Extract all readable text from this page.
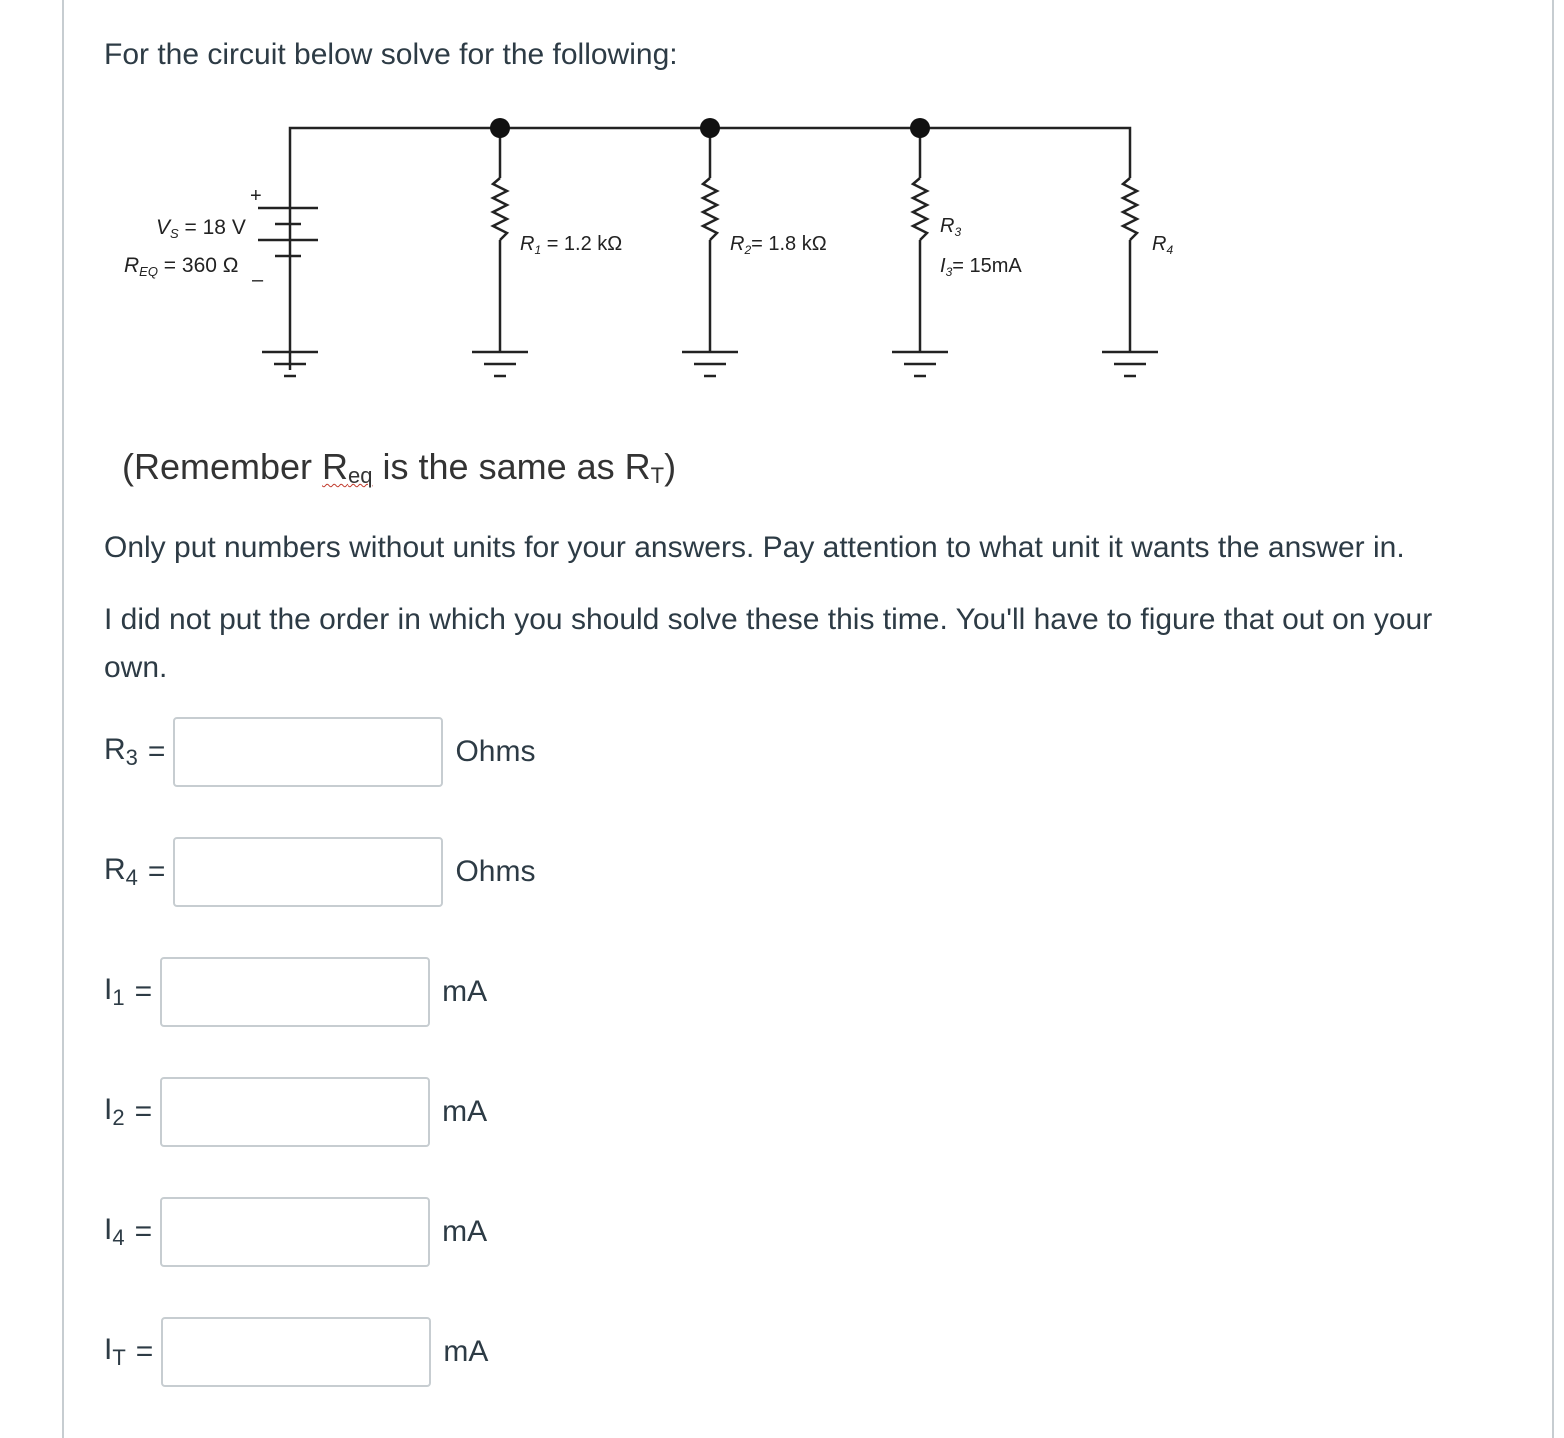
For the circuit below solve for the following:

+
–
VS = 18 V
REQ = 360 Ω
$R_1 = 1.2$ kΩ	$R_2= 1.8$ kΩ
$R_3$
$I_3= 15mA$
$R_4$

(Remember $R_{eq}$ is the same as $R_T$)

Only put numbers without units for your answers. Pay attention to what unit it wants the answer in.

I did not put the order in which you should solve these this time. You'll have to figure that out on your own.

$R_3$ =	Ohms
$R_4$ =	Ohms
$I_1$ =	mA
$I_2$ =	mA
$I_4$ =	mA
$I_T$ =	mA
